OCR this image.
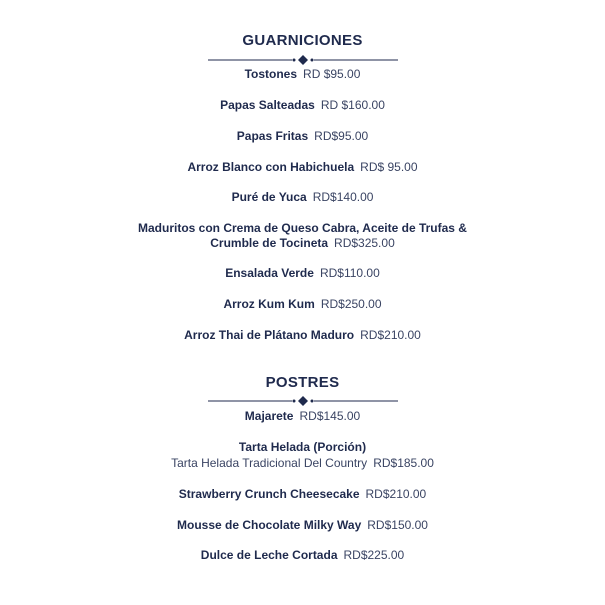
GUARNICIONES
Tostones RD $95.00
Papas Salteadas RD $160.00
Papas Fritas RD$95.00
Arroz Blanco con Habichuela RD$ 95.00
Puré de Yuca RD$140.00
Maduritos con Crema de Queso Cabra, Aceite de Trufas &
Crumble de Tocineta RD$325.00
Ensalada Verde RD$110.00
Arroz Kum Kum RD$250.00
Arroz Thai de Plátano Maduro RD$210.00
POSTRES
Majarete RD$145.00
Tarta Helada (Porción)
Tarta Helada Tradicional Del Country RD$185.00
Strawberry Crunch Cheesecake RD$210.00
Mousse de Chocolate Milky Way RD$150.00
Dulce de Leche Cortada RD$225.00
